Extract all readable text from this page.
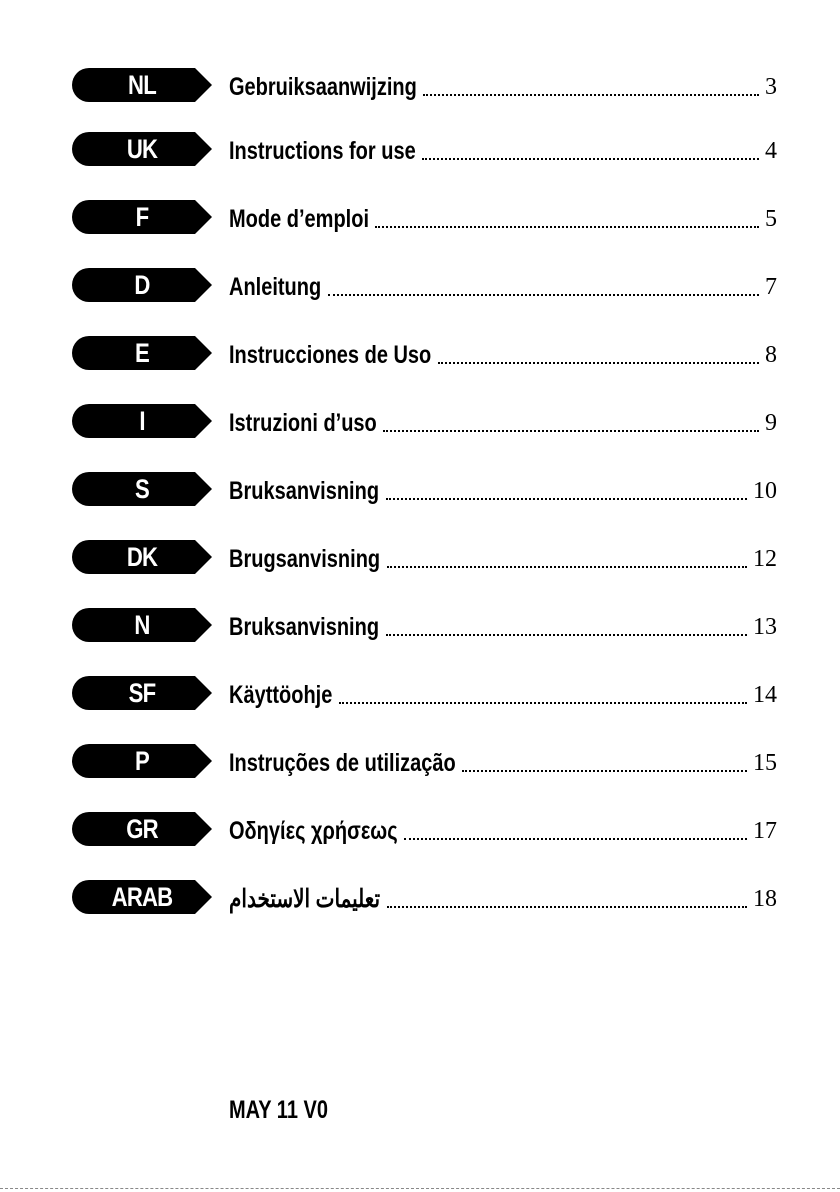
NL	Gebruiksaanwijzing	3
UK	Instructions for use	4
F	Mode d’emploi	5
D	Anleitung	7
E	Instrucciones de Uso	8
I	Istruzioni d’uso	9
S	Bruksanvisning	10
DK	Brugsanvisning	12
N	Bruksanvisning	13
SF	Käyttöohje	14
P	Instruções de utilização	15
GR	Οδηγίες χρήσεως	17
ARAB	تعليمات الاستخدام	18
MAY 11 V0
